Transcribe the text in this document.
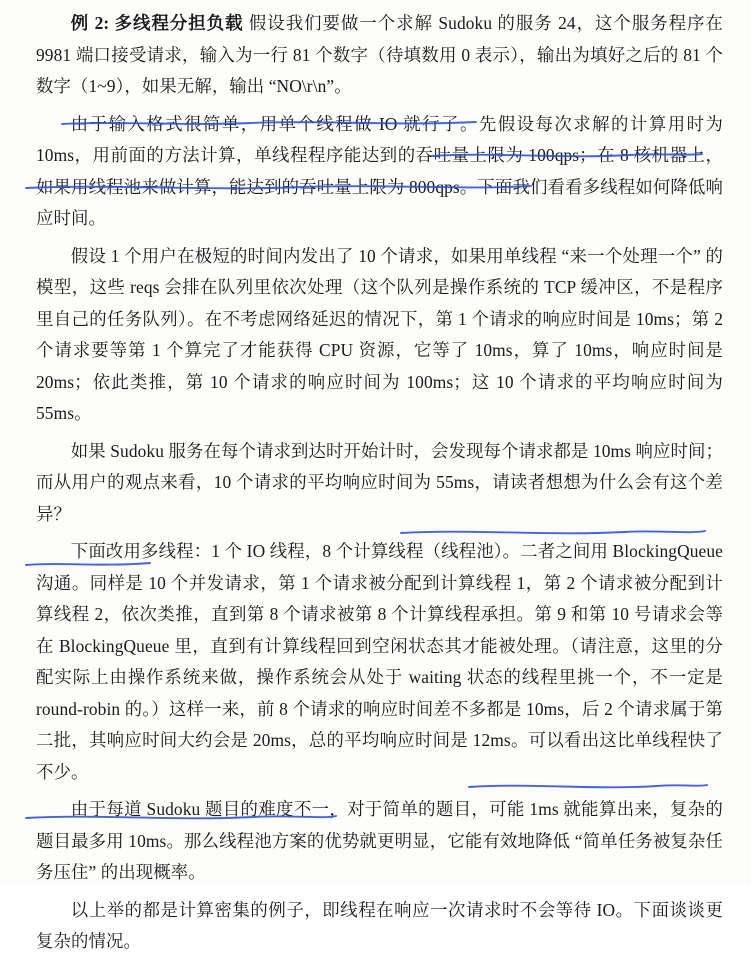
例 2: 多线程分担负载 假设我们要做一个求解 Sudoku 的服务 24，这个服务程序在 9981 端口接受请求，输入为一行 81 个数字（待填数用 0 表示），输出为填好之后的 81 个数字（1~9），如果无解，输出 “NO\r\n”。

由于输入格式很简单，用单个线程做 IO 就行了。先假设每次求解的计算用时为 10ms，用前面的方法计算，单线程程序能达到的吞吐量上限为 100qps；在 8 核机器上，如果用线程池来做计算，能达到的吞吐量上限为 800qps。下面我们看看多线程如何降低响应时间。

假设 1 个用户在极短的时间内发出了 10 个请求，如果用单线程 “来一个处理一个” 的模型，这些 reqs 会排在队列里依次处理（这个队列是操作系统的 TCP 缓冲区，不是程序里自己的任务队列）。在不考虑网络延迟的情况下，第 1 个请求的响应时间是 10ms；第 2 个请求要等第 1 个算完了才能获得 CPU 资源，它等了 10ms，算了 10ms，响应时间是 20ms；依此类推，第 10 个请求的响应时间为 100ms；这 10 个请求的平均响应时间为 55ms。

如果 Sudoku 服务在每个请求到达时开始计时，会发现每个请求都是 10ms 响应时间；而从用户的观点来看，10 个请求的平均响应时间为 55ms，请读者想想为什么会有这个差异？

下面改用多线程：1 个 IO 线程，8 个计算线程（线程池）。二者之间用 BlockingQueue 沟通。同样是 10 个并发请求，第 1 个请求被分配到计算线程 1，第 2 个请求被分配到计算线程 2，依次类推，直到第 8 个请求被第 8 个计算线程承担。第 9 和第 10 号请求会等在 BlockingQueue 里，直到有计算线程回到空闲状态其才能被处理。（请注意，这里的分配实际上由操作系统来做，操作系统会从处于 waiting 状态的线程里挑一个，不一定是 round-robin 的。）这样一来，前 8 个请求的响应时间差不多都是 10ms，后 2 个请求属于第二批，其响应时间大约会是 20ms，总的平均响应时间是 12ms。可以看出这比单线程快了不少。

由于每道 Sudoku 题目的难度不一，对于简单的题目，可能 1ms 就能算出来，复杂的题目最多用 10ms。那么线程池方案的优势就更明显，它能有效地降低 “简单任务被复杂任务压住” 的出现概率。

以上举的都是计算密集的例子，即线程在响应一次请求时不会等待 IO。下面谈谈更复杂的情况。
